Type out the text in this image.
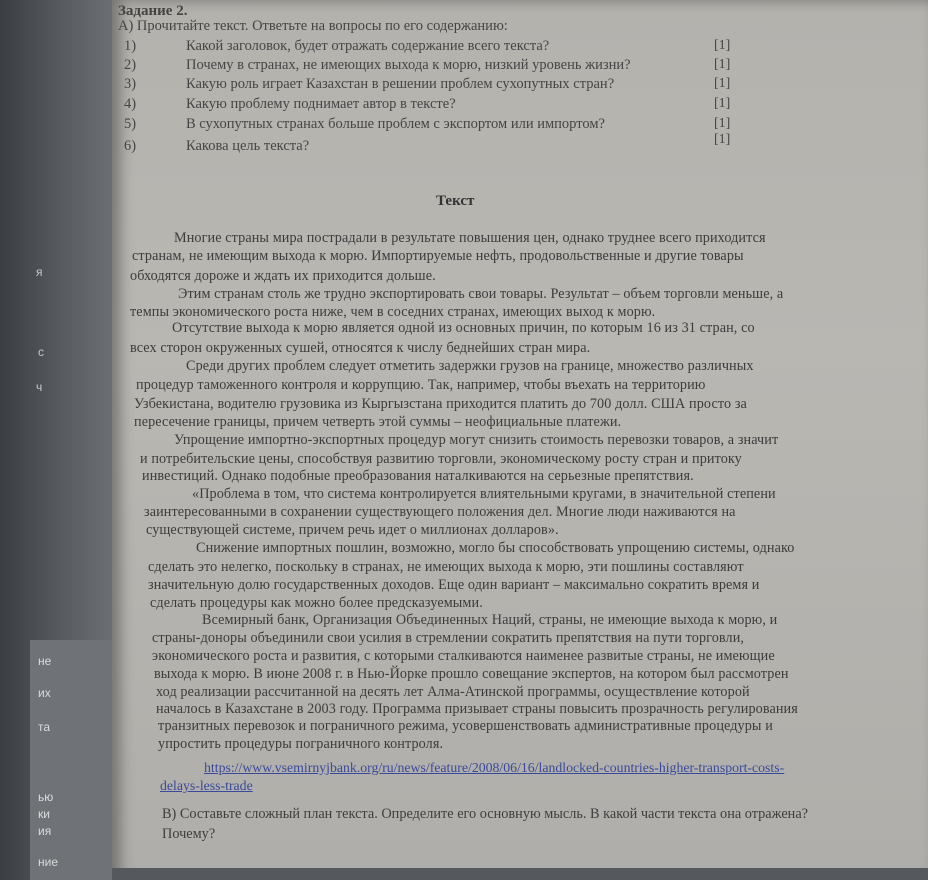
я
с
ч
не
их
та
ью
ки
ия
ние
Задание 2.
А) Прочитайте текст. Ответьте на вопросы по его содержанию:
1)	Какой заголовок, будет отражать содержание всего текста?	[1]
2)	Почему в странах, не имеющих выхода к морю, низкий уровень жизни?	[1]
3)	Какую роль играет Казахстан в решении проблем сухопутных стран?	[1]
4)	Какую проблему поднимает автор в тексте?	[1]
5)	В сухопутных странах больше проблем с экспортом или импортом?	[1]
6)	Какова цель текста?	[1]
Текст
Многие страны мира пострадали в результате повышения цен, однако труднее всего приходится
странам, не имеющим выхода к морю. Импортируемые нефть, продовольственные и другие товары
обходятся дороже и ждать их приходится дольше.
Этим странам столь же трудно экспортировать свои товары. Результат – объем торговли меньше, а
темпы экономического роста ниже, чем в соседних странах, имеющих выход к морю.
Отсутствие выхода к морю является одной из основных причин, по которым 16 из 31 стран, со
всех сторон окруженных сушей, относятся к числу беднейших стран мира.
Среди других проблем следует отметить задержки грузов на границе, множество различных
процедур таможенного контроля и коррупцию. Так, например, чтобы въехать на территорию
Узбекистана, водителю грузовика из Кыргызстана приходится платить до 700 долл. США просто за
пересечение границы, причем четверть этой суммы – неофициальные платежи.
Упрощение импортно-экспортных процедур могут снизить стоимость перевозки товаров, а значит
и потребительские цены, способствуя развитию торговли, экономическому росту стран и притоку
инвестиций. Однако подобные преобразования наталкиваются на серьезные препятствия.
«Проблема в том, что система контролируется влиятельными кругами, в значительной степени
заинтересованными в сохранении существующего положения дел. Многие люди наживаются на
существующей системе, причем речь идет о миллионах долларов».
Снижение импортных пошлин, возможно, могло бы способствовать упрощению системы, однако
сделать это нелегко, поскольку в странах, не имеющих выхода к морю, эти пошлины составляют
значительную долю государственных доходов. Еще один вариант – максимально сократить время и
сделать процедуры как можно более предсказуемыми.
Всемирный банк, Организация Объединенных Наций, страны, не имеющие выхода к морю, и
страны-доноры объединили свои усилия в стремлении сократить препятствия на пути торговли,
экономического роста и развития, с которыми сталкиваются наименее развитые страны, не имеющие
выхода к морю. В июне 2008 г. в Нью-Йорке прошло совещание экспертов, на котором был рассмотрен
ход реализации рассчитанной на десять лет Алма-Атинской программы, осуществление которой
началось в Казахстане в 2003 году. Программа призывает страны повысить прозрачность регулирования
транзитных перевозок и пограничного режима, усовершенствовать административные процедуры и
упростить процедуры пограничного контроля.
https://www.vsemirnyjbank.org/ru/news/feature/2008/06/16/landlocked-countries-higher-transport-costs-
delays-less-trade
В) Составьте сложный план текста. Определите его основную мысль. В какой части текста она отражена?
Почему?
